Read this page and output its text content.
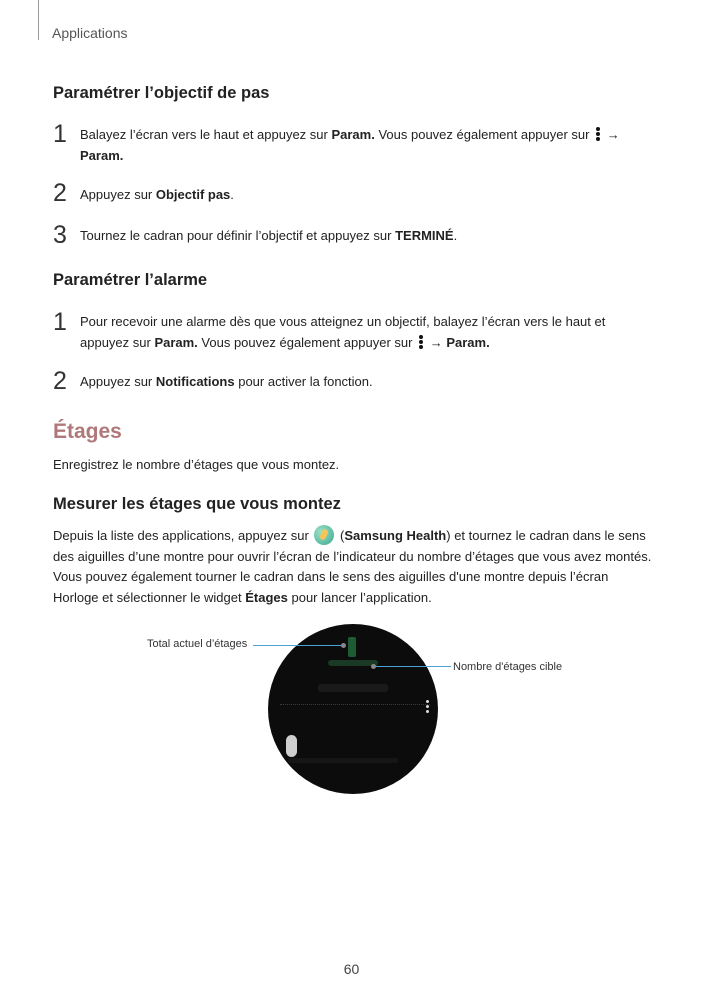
Applications
Paramétrer l’objectif de pas
1 Balayez l’écran vers le haut et appuyez sur Param. Vous pouvez également appuyer sur
→
Param.
2 Appuyez sur Objectif pas.
3 Tournez le cadran pour définir l’objectif et appuyez sur TERMINÉ.
Paramétrer l’alarme
1 Pour recevoir une alarme dès que vous atteignez un objectif, balayez l’écran vers le haut et
appuyez sur Param. Vous pouvez également appuyer sur
→ Param.
2 Appuyez sur Notifications pour activer la fonction.
Étages
Enregistrez le nombre d’étages que vous montez.
Mesurer les étages que vous montez
Depuis la liste des applications, appuyez sur  (Samsung Health) et tournez le cadran dans le sens des aiguilles d’une montre pour ouvrir l’écran de l’indicateur du nombre d’étages que vous avez montés. Vous pouvez également tourner le cadran dans le sens des aiguilles d'une montre depuis l’écran Horloge et sélectionner le widget Étages pour lancer l’application.
Total actuel d’étages
Nombre d'étages cible
60
